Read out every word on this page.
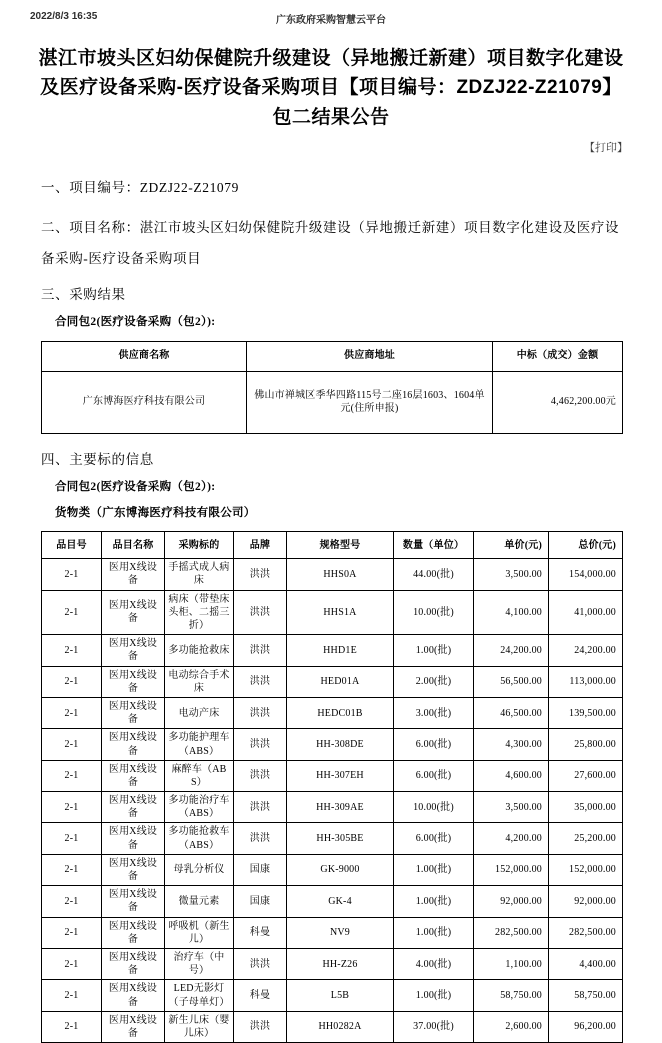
2022/8/3 16:35	广东政府采购智慧云平台
湛江市坡头区妇幼保健院升级建设（异地搬迁新建）项目数字化建设及医疗设备采购-医疗设备采购项目【项目编号：ZDZJ22-Z21079】包二结果公告
【打印】
一、项目编号：ZDZJ22-Z21079
二、项目名称：湛江市坡头区妇幼保健院升级建设（异地搬迁新建）项目数字化建设及医疗设备采购-医疗设备采购项目
三、采购结果
合同包2(医疗设备采购（包2）):
供应商名称	供应商地址	中标（成交）金额
广东博海医疗科技有限公司	佛山市禅城区季华四路115号二座16层1603、1604单元(住所申报)	4,462,200.00元
四、主要标的信息
合同包2(医疗设备采购（包2）):
货物类（广东博海医疗科技有限公司）
品目号	品目名称	采购标的	品牌	规格型号	数量（单位）	单价(元)	总价(元)
2-1	医用X线设备	手摇式成人病床	洪洪	HHS0A	44.00(批)	3,500.00	154,000.00
2-1	医用X线设备	病床（带垫床头柜、二摇三折）	洪洪	HHS1A	10.00(批)	4,100.00	41,000.00
2-1	医用X线设备	多功能抢救床	洪洪	HHD1E	1.00(批)	24,200.00	24,200.00
2-1	医用X线设备	电动综合手术床	洪洪	HED01A	2.00(批)	56,500.00	113,000.00
2-1	医用X线设备	电动产床	洪洪	HEDC01B	3.00(批)	46,500.00	139,500.00
2-1	医用X线设备	多功能护理车（ABS）	洪洪	HH-308DE	6.00(批)	4,300.00	25,800.00
2-1	医用X线设备	麻醉车（ABS）	洪洪	HH-307EH	6.00(批)	4,600.00	27,600.00
2-1	医用X线设备	多功能治疗车（ABS）	洪洪	HH-309AE	10.00(批)	3,500.00	35,000.00
2-1	医用X线设备	多功能抢救车（ABS）	洪洪	HH-305BE	6.00(批)	4,200.00	25,200.00
2-1	医用X线设备	母乳分析仪	国康	GK-9000	1.00(批)	152,000.00	152,000.00
2-1	医用X线设备	微量元素	国康	GK-4	1.00(批)	92,000.00	92,000.00
2-1	医用X线设备	呼吸机（新生儿）	科曼	NV9	1.00(批)	282,500.00	282,500.00
2-1	医用X线设备	治疗车（中号）	洪洪	HH-Z26	4.00(批)	1,100.00	4,400.00
2-1	医用X线设备	LED无影灯（子母单灯）	科曼	L5B	1.00(批)	58,750.00	58,750.00
2-1	医用X线设备	新生儿床（婴儿床）	洪洪	HH0282A	37.00(批)	2,600.00	96,200.00
